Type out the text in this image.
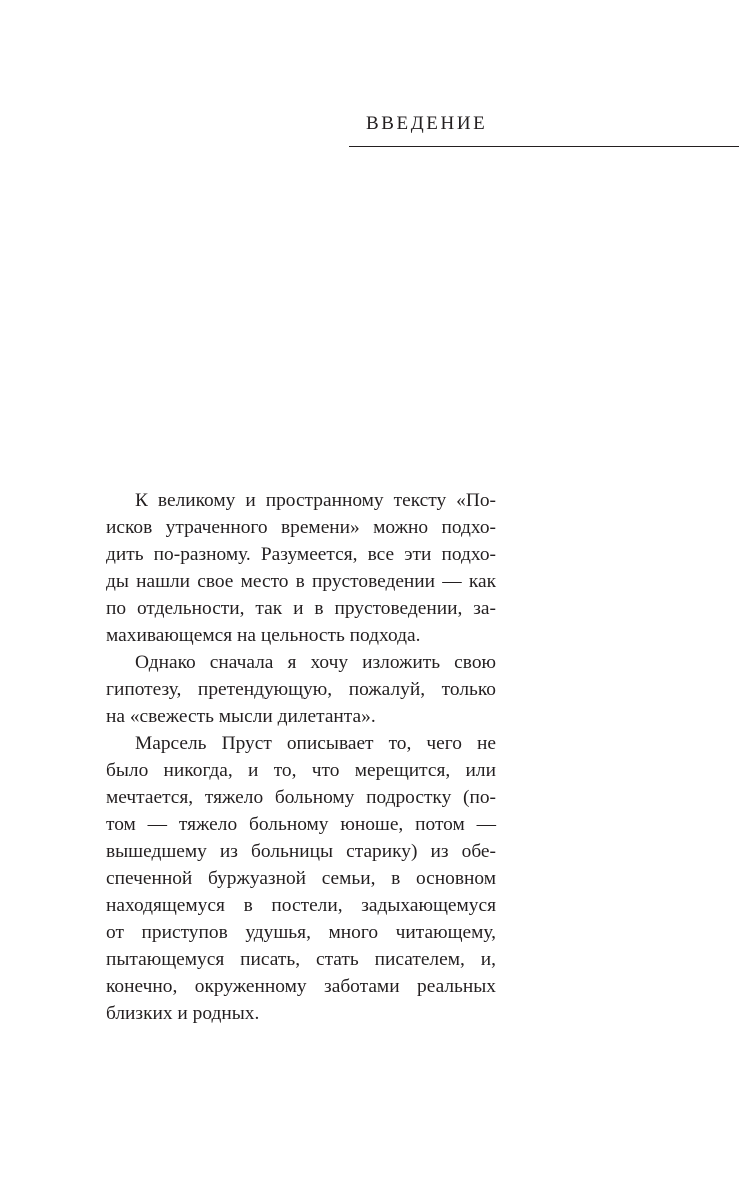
ВВЕДЕНИЕ
К великому и пространному тексту «По-
исков утраченного времени» можно подхо-
дить по-разному. Разумеется, все эти подхо-
ды нашли свое место в прустоведении — как
по отдельности, так и в прустоведении, за-
махивающемся на цельность подхода.
Однако сначала я хочу изложить свою
гипотезу, претендующую, пожалуй, только
на «свежесть мысли дилетанта».
Марсель Пруст описывает то, чего не
было никогда, и то, что мерещится, или
мечтается, тяжело больному подростку (по-
том — тяжело больному юноше, потом —
вышедшему из больницы старику) из обе-
спеченной буржуазной семьи, в основном
находящемуся в постели, задыхающемуся
от приступов удушья, много читающему,
пытающемуся писать, стать писателем, и,
конечно, окруженному заботами реальных
близких и родных.
